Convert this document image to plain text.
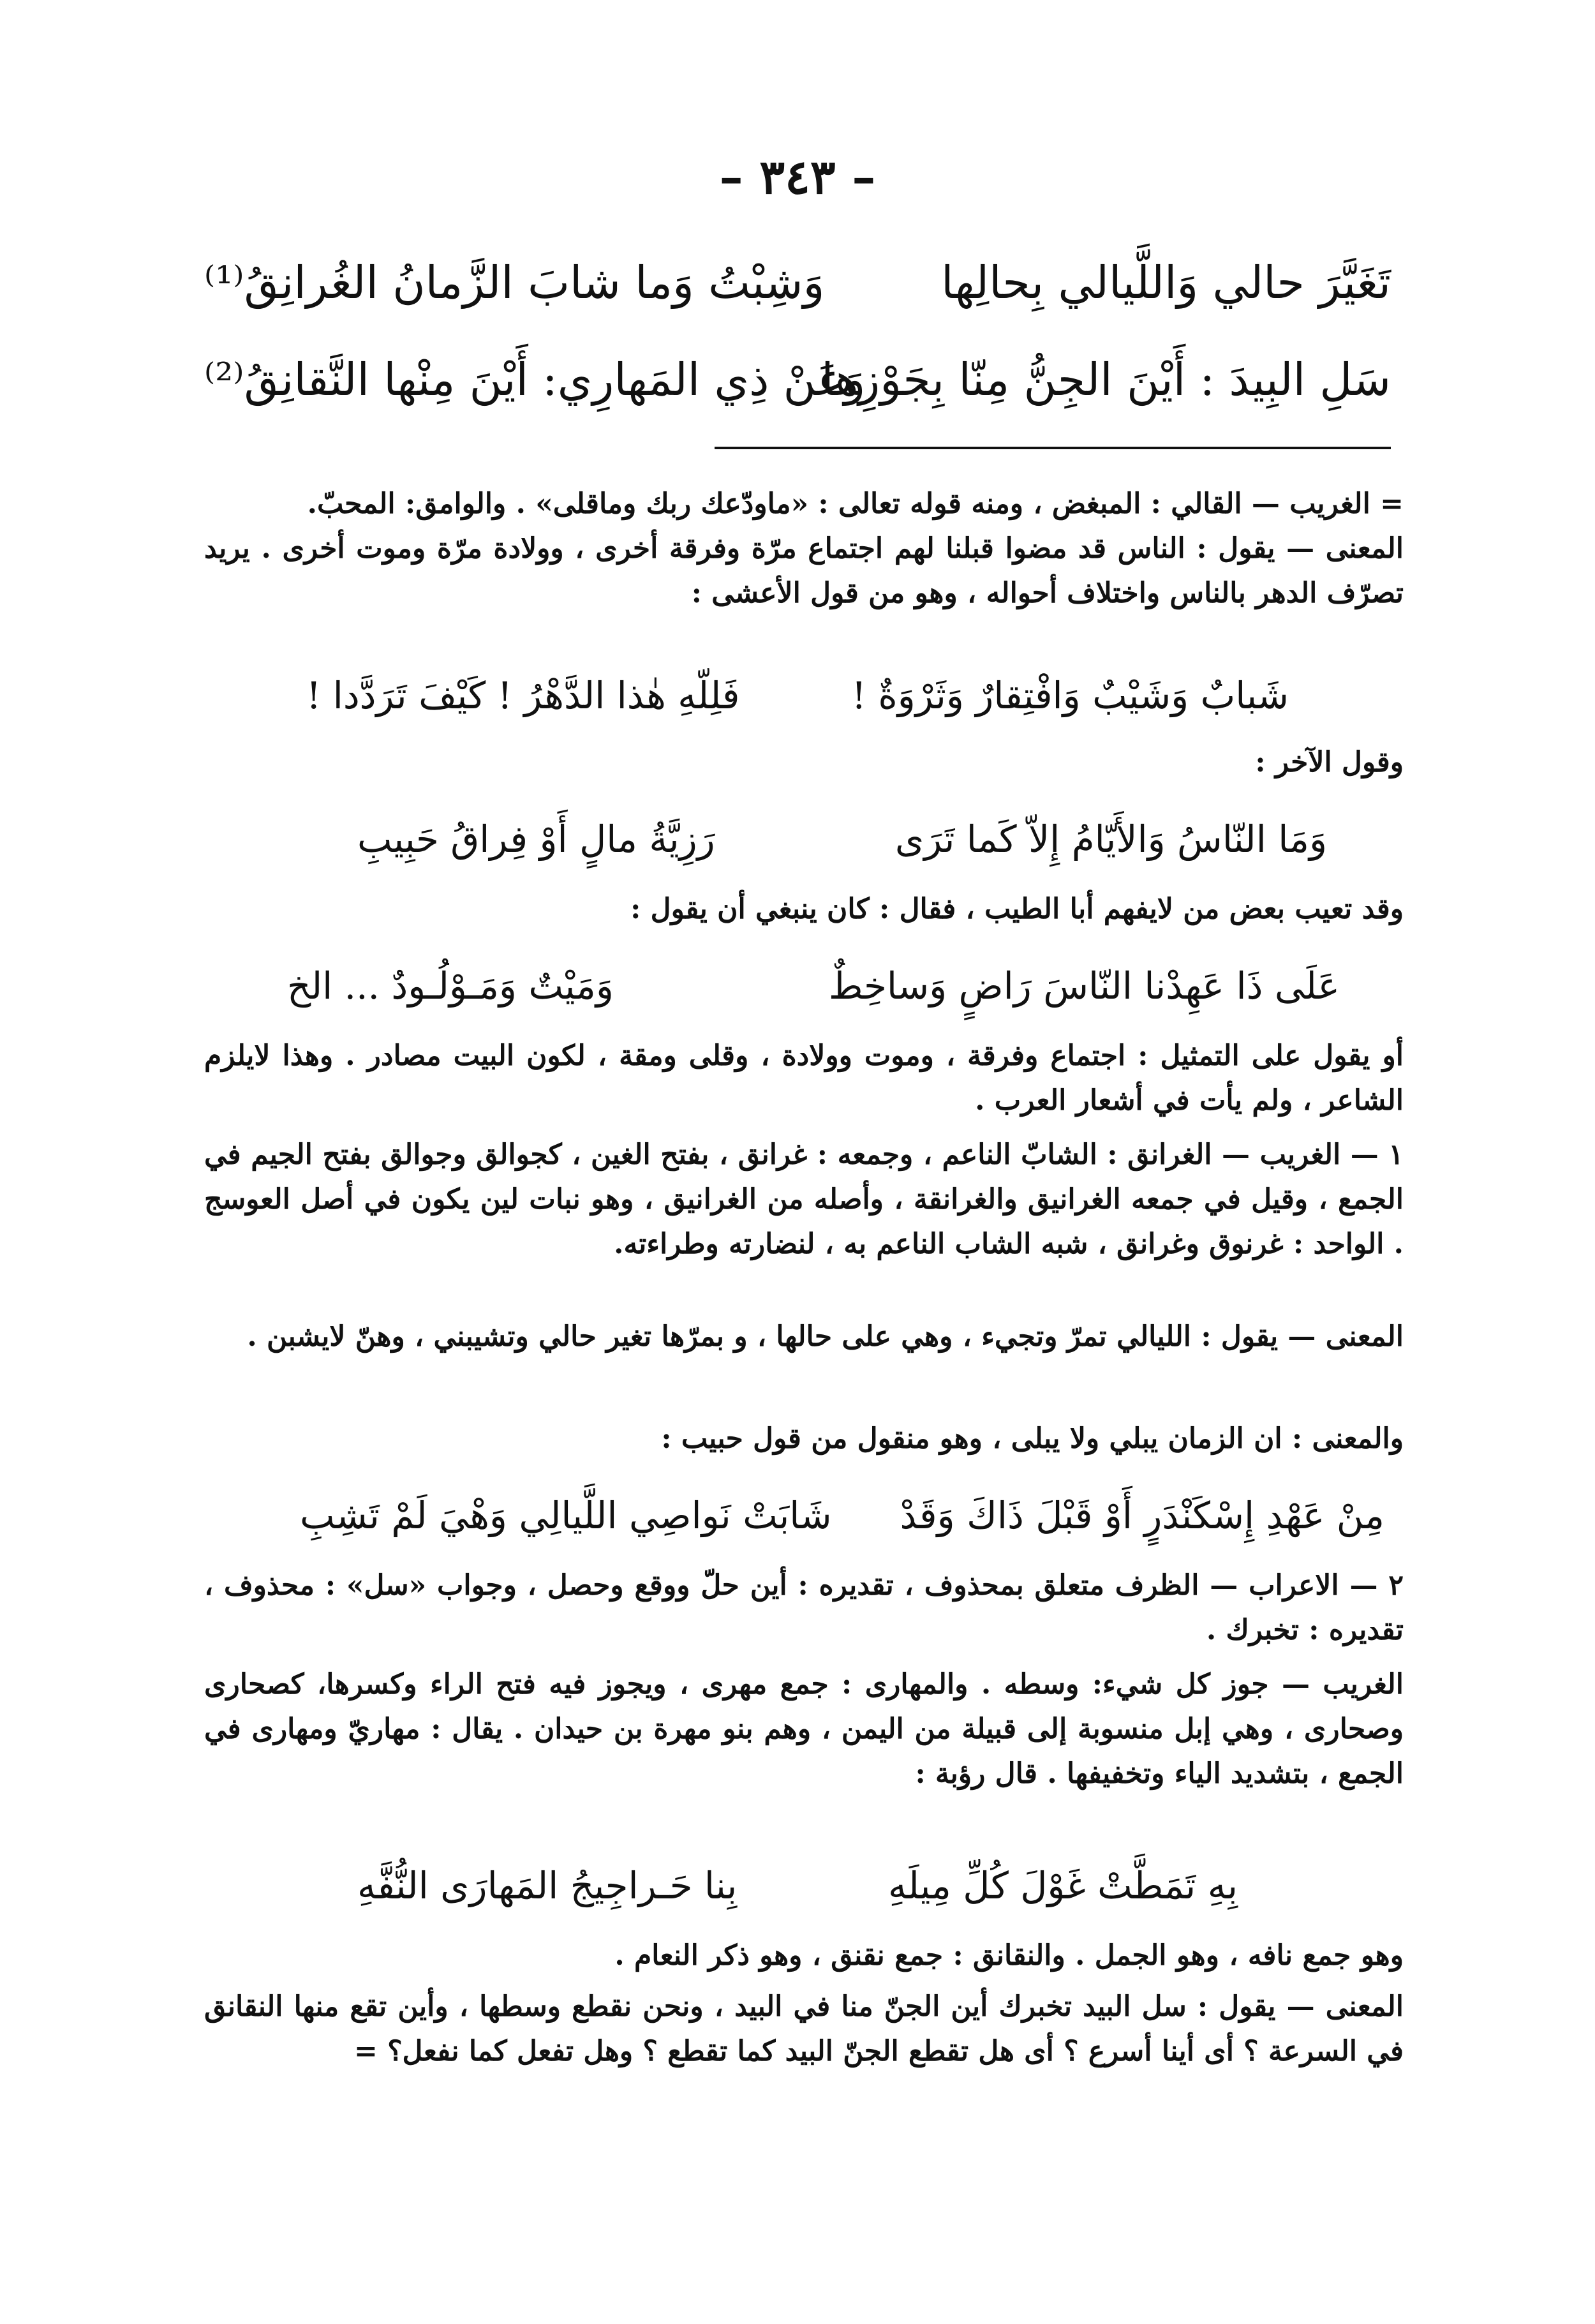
– ٣٤٣ –
تَغَيَّرَ حالي وَاللَّيالي بِحالِها
وَشِبْتُ وَما شابَ الزَّمانُ الغُرانِقُ⁽¹⁾
سَلِ البِيدَ : أَيْنَ الجِنُّ مِنّا بِجَوْزِها
وَعَنْ ذِي المَهارِي: أَيْنَ مِنْها النَّقانِقُ⁽²⁾
= الغريب — القالي : المبغض ، ومنه قوله تعالى : «ماودّعك ربك وماقلى» . والوامق: المحبّ.
المعنى — يقول : الناس قد مضوا قبلنا لهم اجتماع مرّة وفرقة أخرى ، وولادة مرّة وموت أخرى . يريد تصرّف الدهر بالناس واختلاف أحواله ، وهو من قول الأعشى :
شَبابٌ وَشَيْبٌ وَافْتِقارٌ وَثَرْوَةٌ !
فَلِلّهِ هٰذا الدَّهْرُ ! كَيْفَ تَرَدَّدا !
وقول الآخر :
وَمَا النّاسُ وَالأَيّامُ إِلاّ كَما تَرَى
رَزِيَّةُ مالٍ أَوْ فِراقُ حَبِيبِ
وقد تعيب بعض من لايفهم أبا الطيب ، فقال : كان ينبغي أن يقول :
عَلَى ذَا عَهِدْنا النّاسَ رَاضٍ وَساخِطٌ
وَمَيْتٌ وَمَـوْلُـودٌ ... الخ
أو يقول على التمثيل : اجتماع وفرقة ، وموت وولادة ، وقلى ومقة ، لكون البيت مصادر . وهذا لايلزم الشاعر ، ولم يأت في أشعار العرب .
١ — الغريب — الغرانق : الشابّ الناعم ، وجمعه : غرانق ، بفتح الغين ، كجوالق وجوالق بفتح الجيم في الجمع ، وقيل في جمعه الغرانيق والغرانقة ، وأصله من الغرانيق ، وهو نبات لين يكون في أصل العوسج . الواحد : غرنوق وغرانق ، شبه الشاب الناعم به ، لنضارته وطراءته.
المعنى — يقول : الليالي تمرّ وتجيء ، وهي على حالها ، و بمرّها تغير حالي وتشيبني ، وهنّ لايشبن .
والمعنى : ان الزمان يبلي ولا يبلى ، وهو منقول من قول حبيب :
مِنْ عَهْدِ إِسْكَنْدَرٍ أَوْ قَبْلَ ذَاكَ وَقَدْ
شَابَتْ نَواصِي اللَّيالِي وَهْيَ لَمْ تَشِبِ
٢ — الاعراب — الظرف متعلق بمحذوف ، تقديره : أين حلّ ووقع وحصل ، وجواب «سل» : محذوف ، تقديره : تخبرك .
الغريب — جوز كل شيء: وسطه . والمهارى : جمع مهرى ، ويجوز فيه فتح الراء وكسرها، كصحارى وصحارى ، وهي إبل منسوبة إلى قبيلة من اليمن ، وهم بنو مهرة بن حيدان . يقال : مهاريّ ومهارى في الجمع ، بتشديد الياء وتخفيفها . قال رؤبة :
بِهِ تَمَطَّتْ غَوْلَ كُلِّ مِيلَهِ
بِنا حَـراجِيجُ المَهارَى النُّفَّهِ
وهو جمع نافه ، وهو الجمل . والنقانق : جمع نقنق ، وهو ذكر النعام .
المعنى — يقول : سل البيد تخبرك أين الجنّ منا في البيد ، ونحن نقطع وسطها ، وأين تقع منها النقانق في السرعة ؟ أى أينا أسرع ؟ أى هل تقطع الجنّ البيد كما تقطع ؟ وهل تفعل كما نفعل؟ =
